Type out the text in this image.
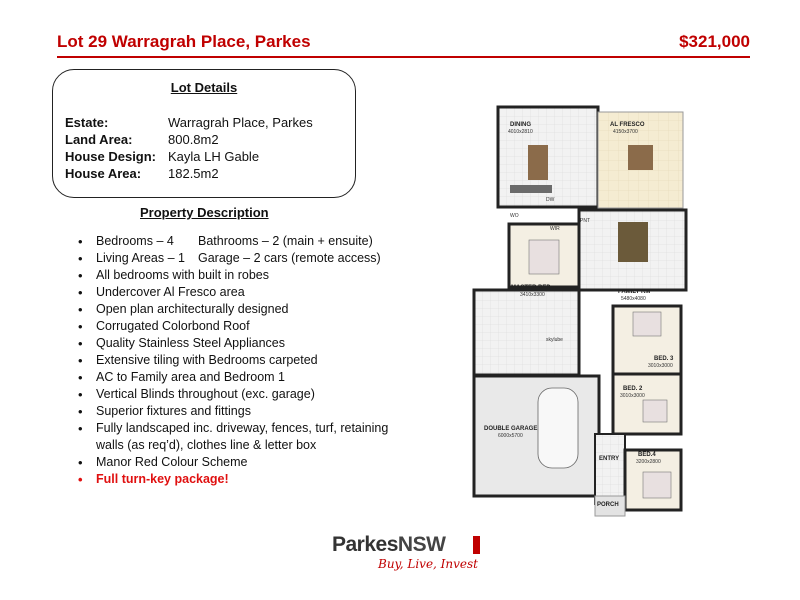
Lot 29 Warragrah Place, Parkes	$321,000
Lot Details
Estate:	Warragrah Place, Parkes
Land Area:	800.8m2
House Design: Kayla LH Gable
House Area: 182.5m2
Property Description
• Bedrooms – 4 Bathrooms – 2 (main + ensuite)
• Living Areas – 1 Garage – 2 cars (remote access)
• All bedrooms with built in robes
• Undercover Al Fresco area
• Open plan architecturally designed
• Corrugated Colorbond Roof
• Quality Stainless Steel Appliances
• Extensive tiling with Bedrooms carpeted
• AC to Family area and Bedroom 1
• Vertical Blinds throughout (exc. garage)
• Superior fixtures and fittings
• Fully landscaped inc. driveway, fences, turf, retaining walls (as req’d), clothes line & letter box
• Manor Red Colour Scheme
• Full turn-key package!
DINING
4010x2810
AL FRESCO
4150x3700
WO
PNT
DW
WIR
MASTER BED
3410x3300	FAMILY RM
5480x4080
skylube
BED. 3
3010x3000
BED. 2
3010x3000
DOUBLE GARAGE
6000x5700
ENTRY
BED.4
3200x2800
PORCH
ParkesNSW
Buy, Live, Invest
